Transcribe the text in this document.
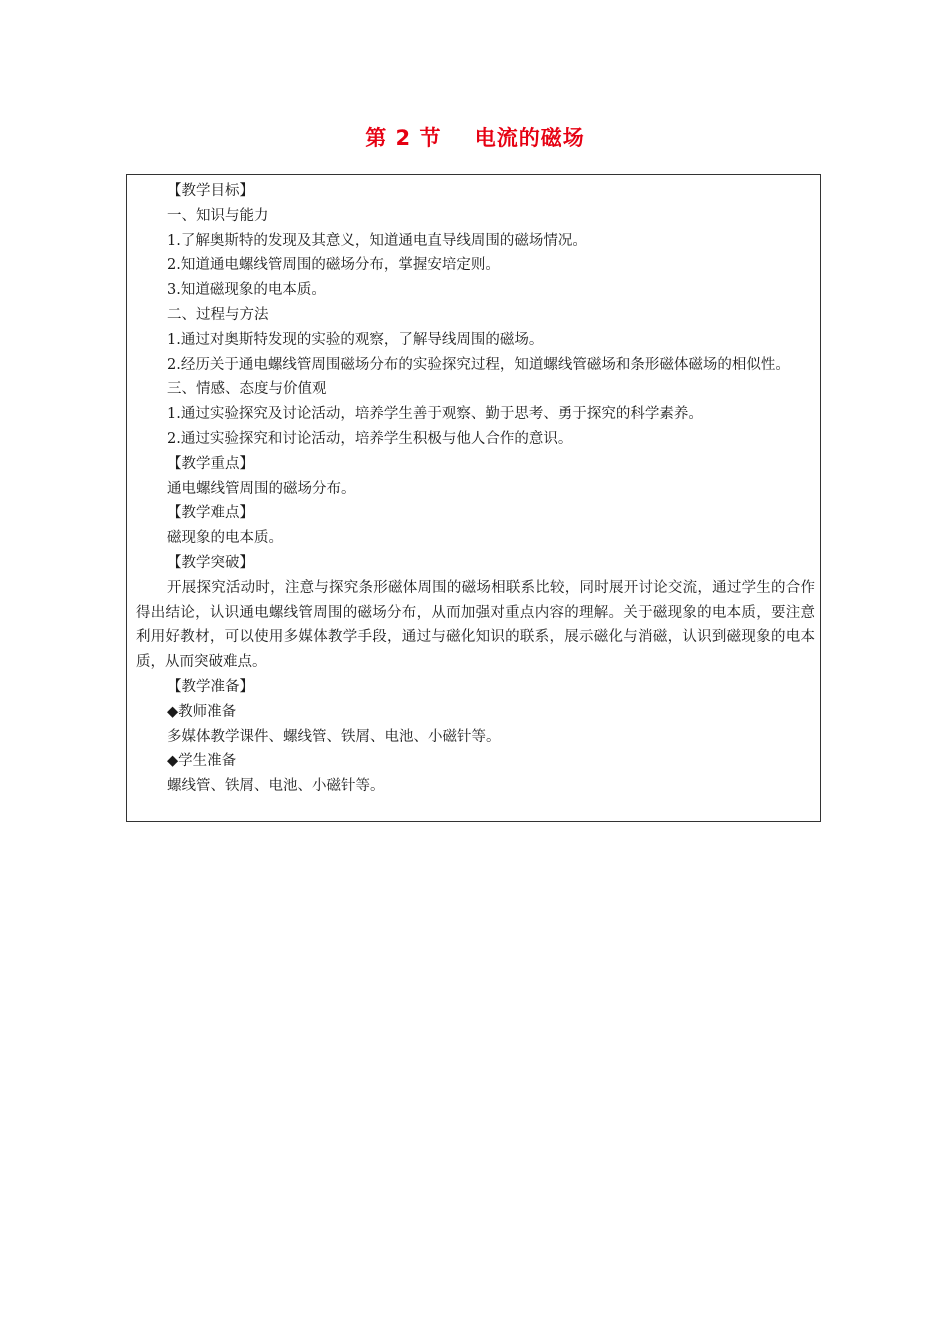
第 2 节    电流的磁场
【教学目标】
一、知识与能力
1.了解奥斯特的发现及其意义，知道通电直导线周围的磁场情况。
2.知道通电螺线管周围的磁场分布，掌握安培定则。
3.知道磁现象的电本质。
二、过程与方法
1.通过对奥斯特发现的实验的观察，了解导线周围的磁场。
2.经历关于通电螺线管周围磁场分布的实验探究过程，知道螺线管磁场和条形磁体磁场的相似性。
三、情感、态度与价值观
1.通过实验探究及讨论活动，培养学生善于观察、勤于思考、勇于探究的科学素养。
2.通过实验探究和讨论活动，培养学生积极与他人合作的意识。
【教学重点】
通电螺线管周围的磁场分布。
【教学难点】
磁现象的电本质。
【教学突破】
开展探究活动时，注意与探究条形磁体周围的磁场相联系比较，同时展开讨论交流，通过学生的合作得出结论，认识通电螺线管周围的磁场分布，从而加强对重点内容的理解。关于磁现象的电本质，要注意利用好教材，可以使用多媒体教学手段，通过与磁化知识的联系，展示磁化与消磁，认识到磁现象的电本质，从而突破难点。
【教学准备】
◆教师准备
多媒体教学课件、螺线管、铁屑、电池、小磁针等。
◆学生准备
螺线管、铁屑、电池、小磁针等。
